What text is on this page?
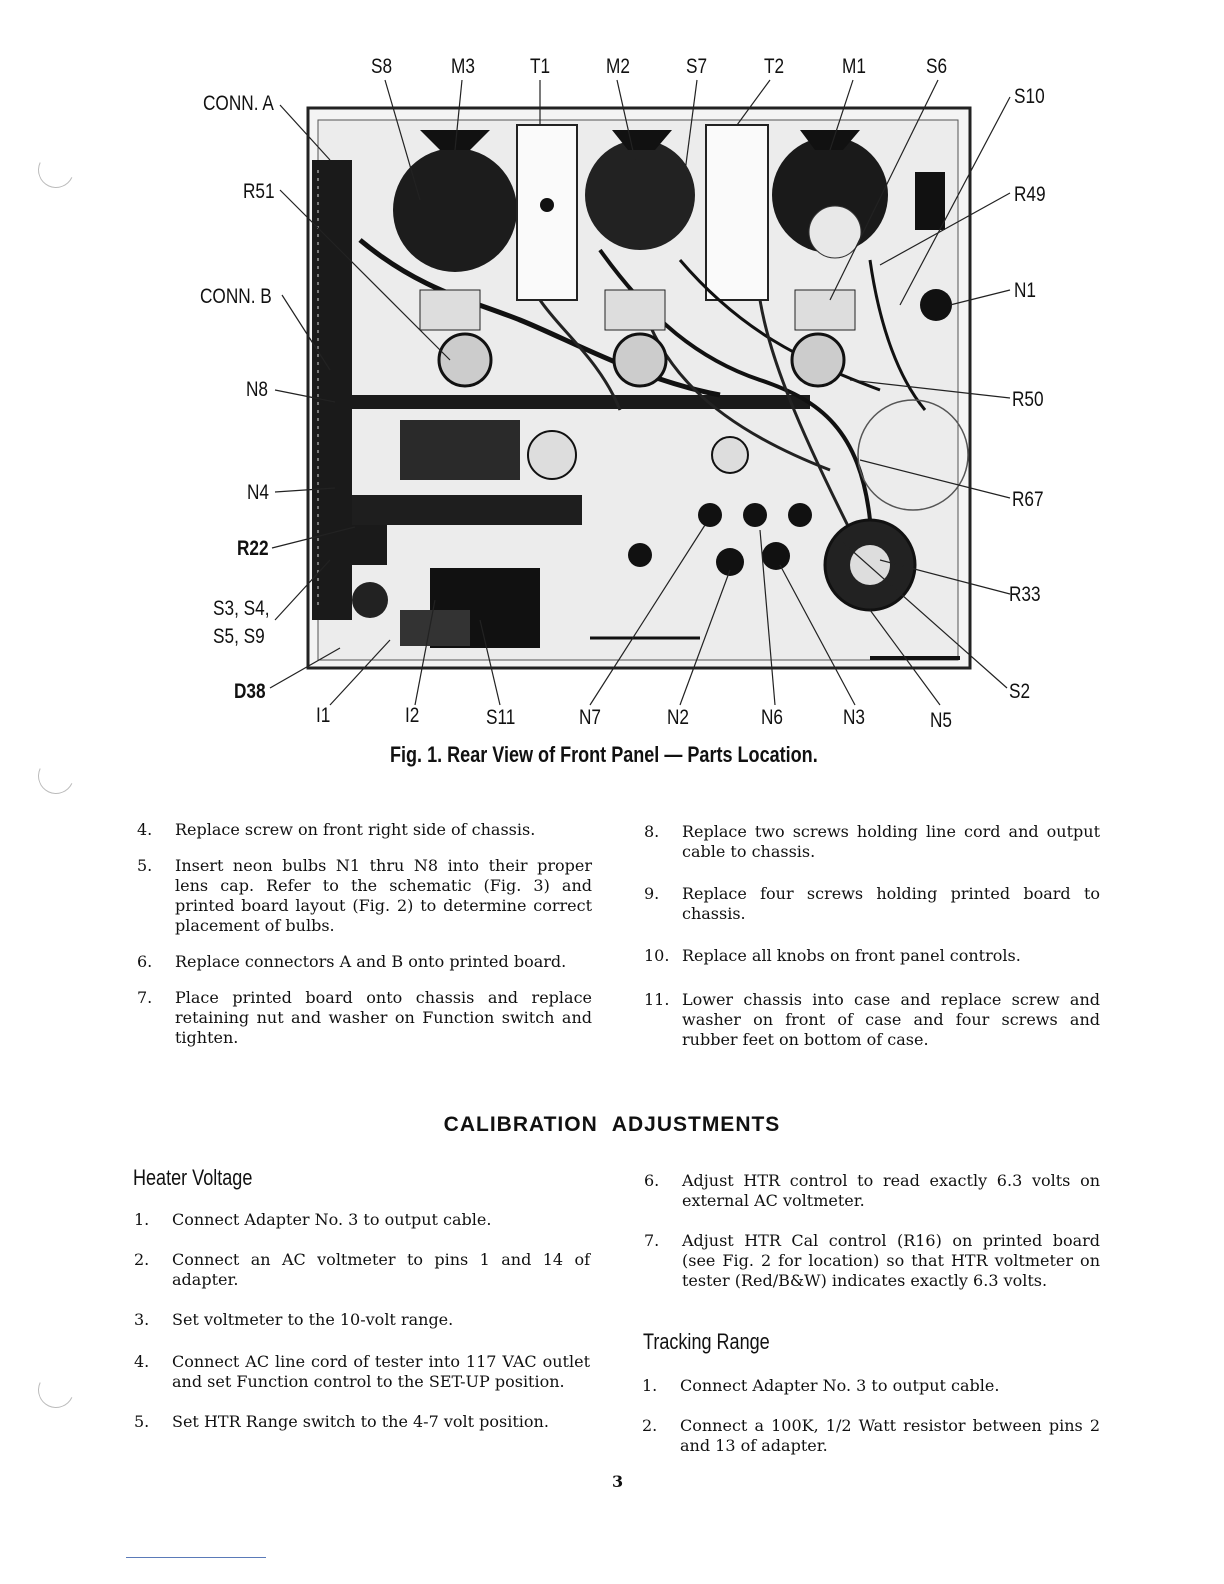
S8	M3	T1	M2	S7	T2	M1	S6
CONN. A
R51
CONN. B
N8
N4
R22
S3, S4,
S5, S9
D38
S10
R49
N1
R50
R67
R33
S2
I1	I2	S11	N7	N2	N6	N3	N5
Fig. 1. Rear View of Front Panel — Parts Location.
4. Replace screw on front right side of chassis.
5. Insert neon bulbs N1 thru N8 into their proper lens cap. Refer to the schematic (Fig. 3) and printed board layout (Fig. 2) to determine correct placement of bulbs.
6. Replace connectors A and B onto printed board.
7. Place printed board onto chassis and replace retaining nut and washer on Function switch and tighten.
8. Replace two screws holding line cord and output cable to chassis.
9. Replace four screws holding printed board to chassis.
10. Replace all knobs on front panel controls.
11. Lower chassis into case and replace screw and washer on front of case and four screws and rubber feet on bottom of case.
CALIBRATION ADJUSTMENTS
Heater Voltage
1. Connect Adapter No. 3 to output cable.
2. Connect an AC voltmeter to pins 1 and 14 of adapter.
3. Set voltmeter to the 10-volt range.
4. Connect AC line cord of tester into 117 VAC outlet and set Function control to the SET-UP position.
5. Set HTR Range switch to the 4-7 volt position.
6. Adjust HTR control to read exactly 6.3 volts on external AC voltmeter.
7. Adjust HTR Cal control (R16) on printed board (see Fig. 2 for location) so that HTR voltmeter on tester (Red/B&W) indicates exactly 6.3 volts.
Tracking Range
1. Connect Adapter No. 3 to output cable.
2. Connect a 100K, 1/2 Watt resistor between pins 2 and 13 of adapter.
3
